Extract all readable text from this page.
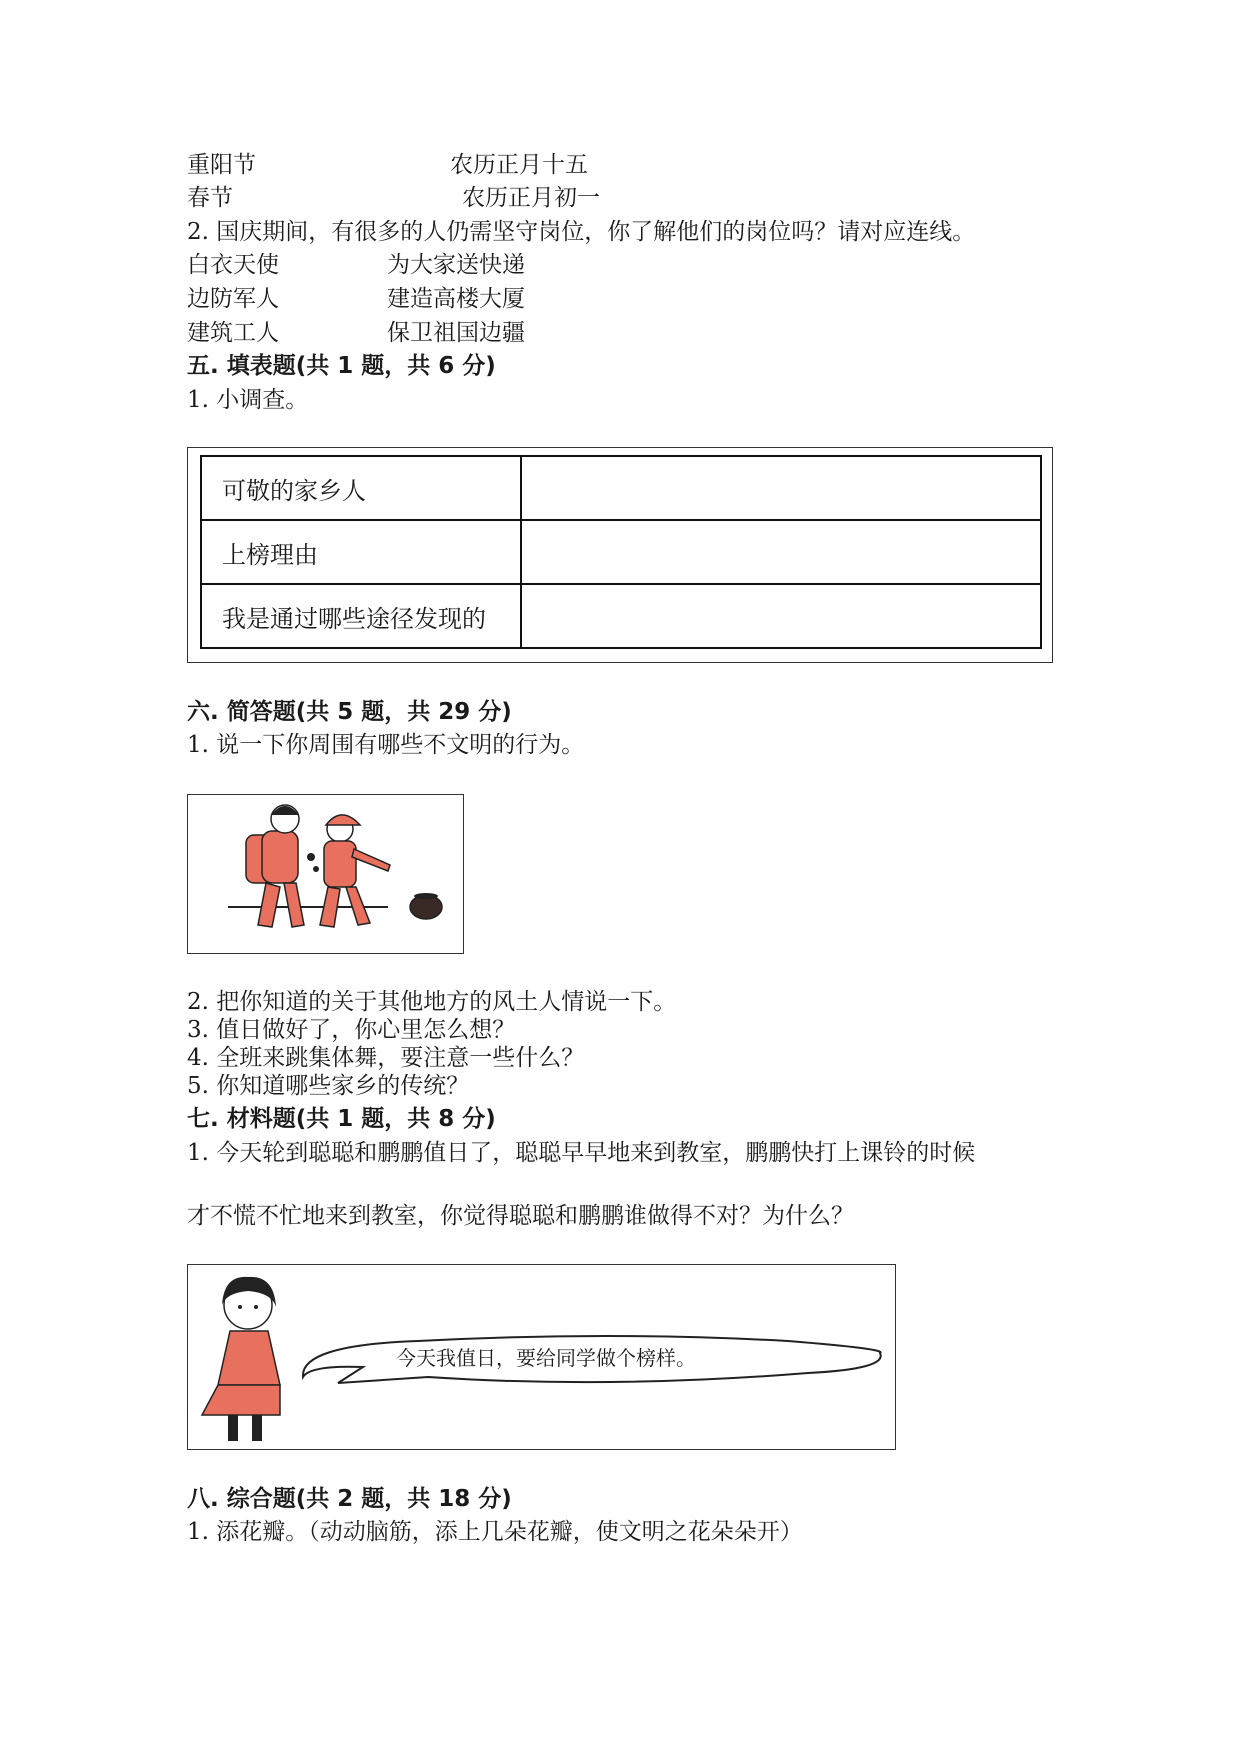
重阳节	农历正月十五
春节	农历正月初一
2. 国庆期间，有很多的人仍需坚守岗位，你了解他们的岗位吗？请对应连线。
白衣天使	为大家送快递
边防军人	建造高楼大厦
建筑工人	保卫祖国边疆
五. 填表题(共 1 题，共 6 分)
1. 小调查。
可敬的家乡人	
上榜理由	
我是通过哪些途径发现的	
六. 简答题(共 5 题，共 29 分)
1. 说一下你周围有哪些不文明的行为。
2. 把你知道的关于其他地方的风土人情说一下。
3. 值日做好了，你心里怎么想？
4. 全班来跳集体舞，要注意一些什么？
5. 你知道哪些家乡的传统？
七. 材料题(共 1 题，共 8 分)
1. 今天轮到聪聪和鹏鹏值日了，聪聪早早地来到教室，鹏鹏快打上课铃的时候
才不慌不忙地来到教室，你觉得聪聪和鹏鹏谁做得不对？为什么？
今天我值日，要给同学做个榜样。
八. 综合题(共 2 题，共 18 分)
1. 添花瓣。（动动脑筋，添上几朵花瓣，使文明之花朵朵开）
